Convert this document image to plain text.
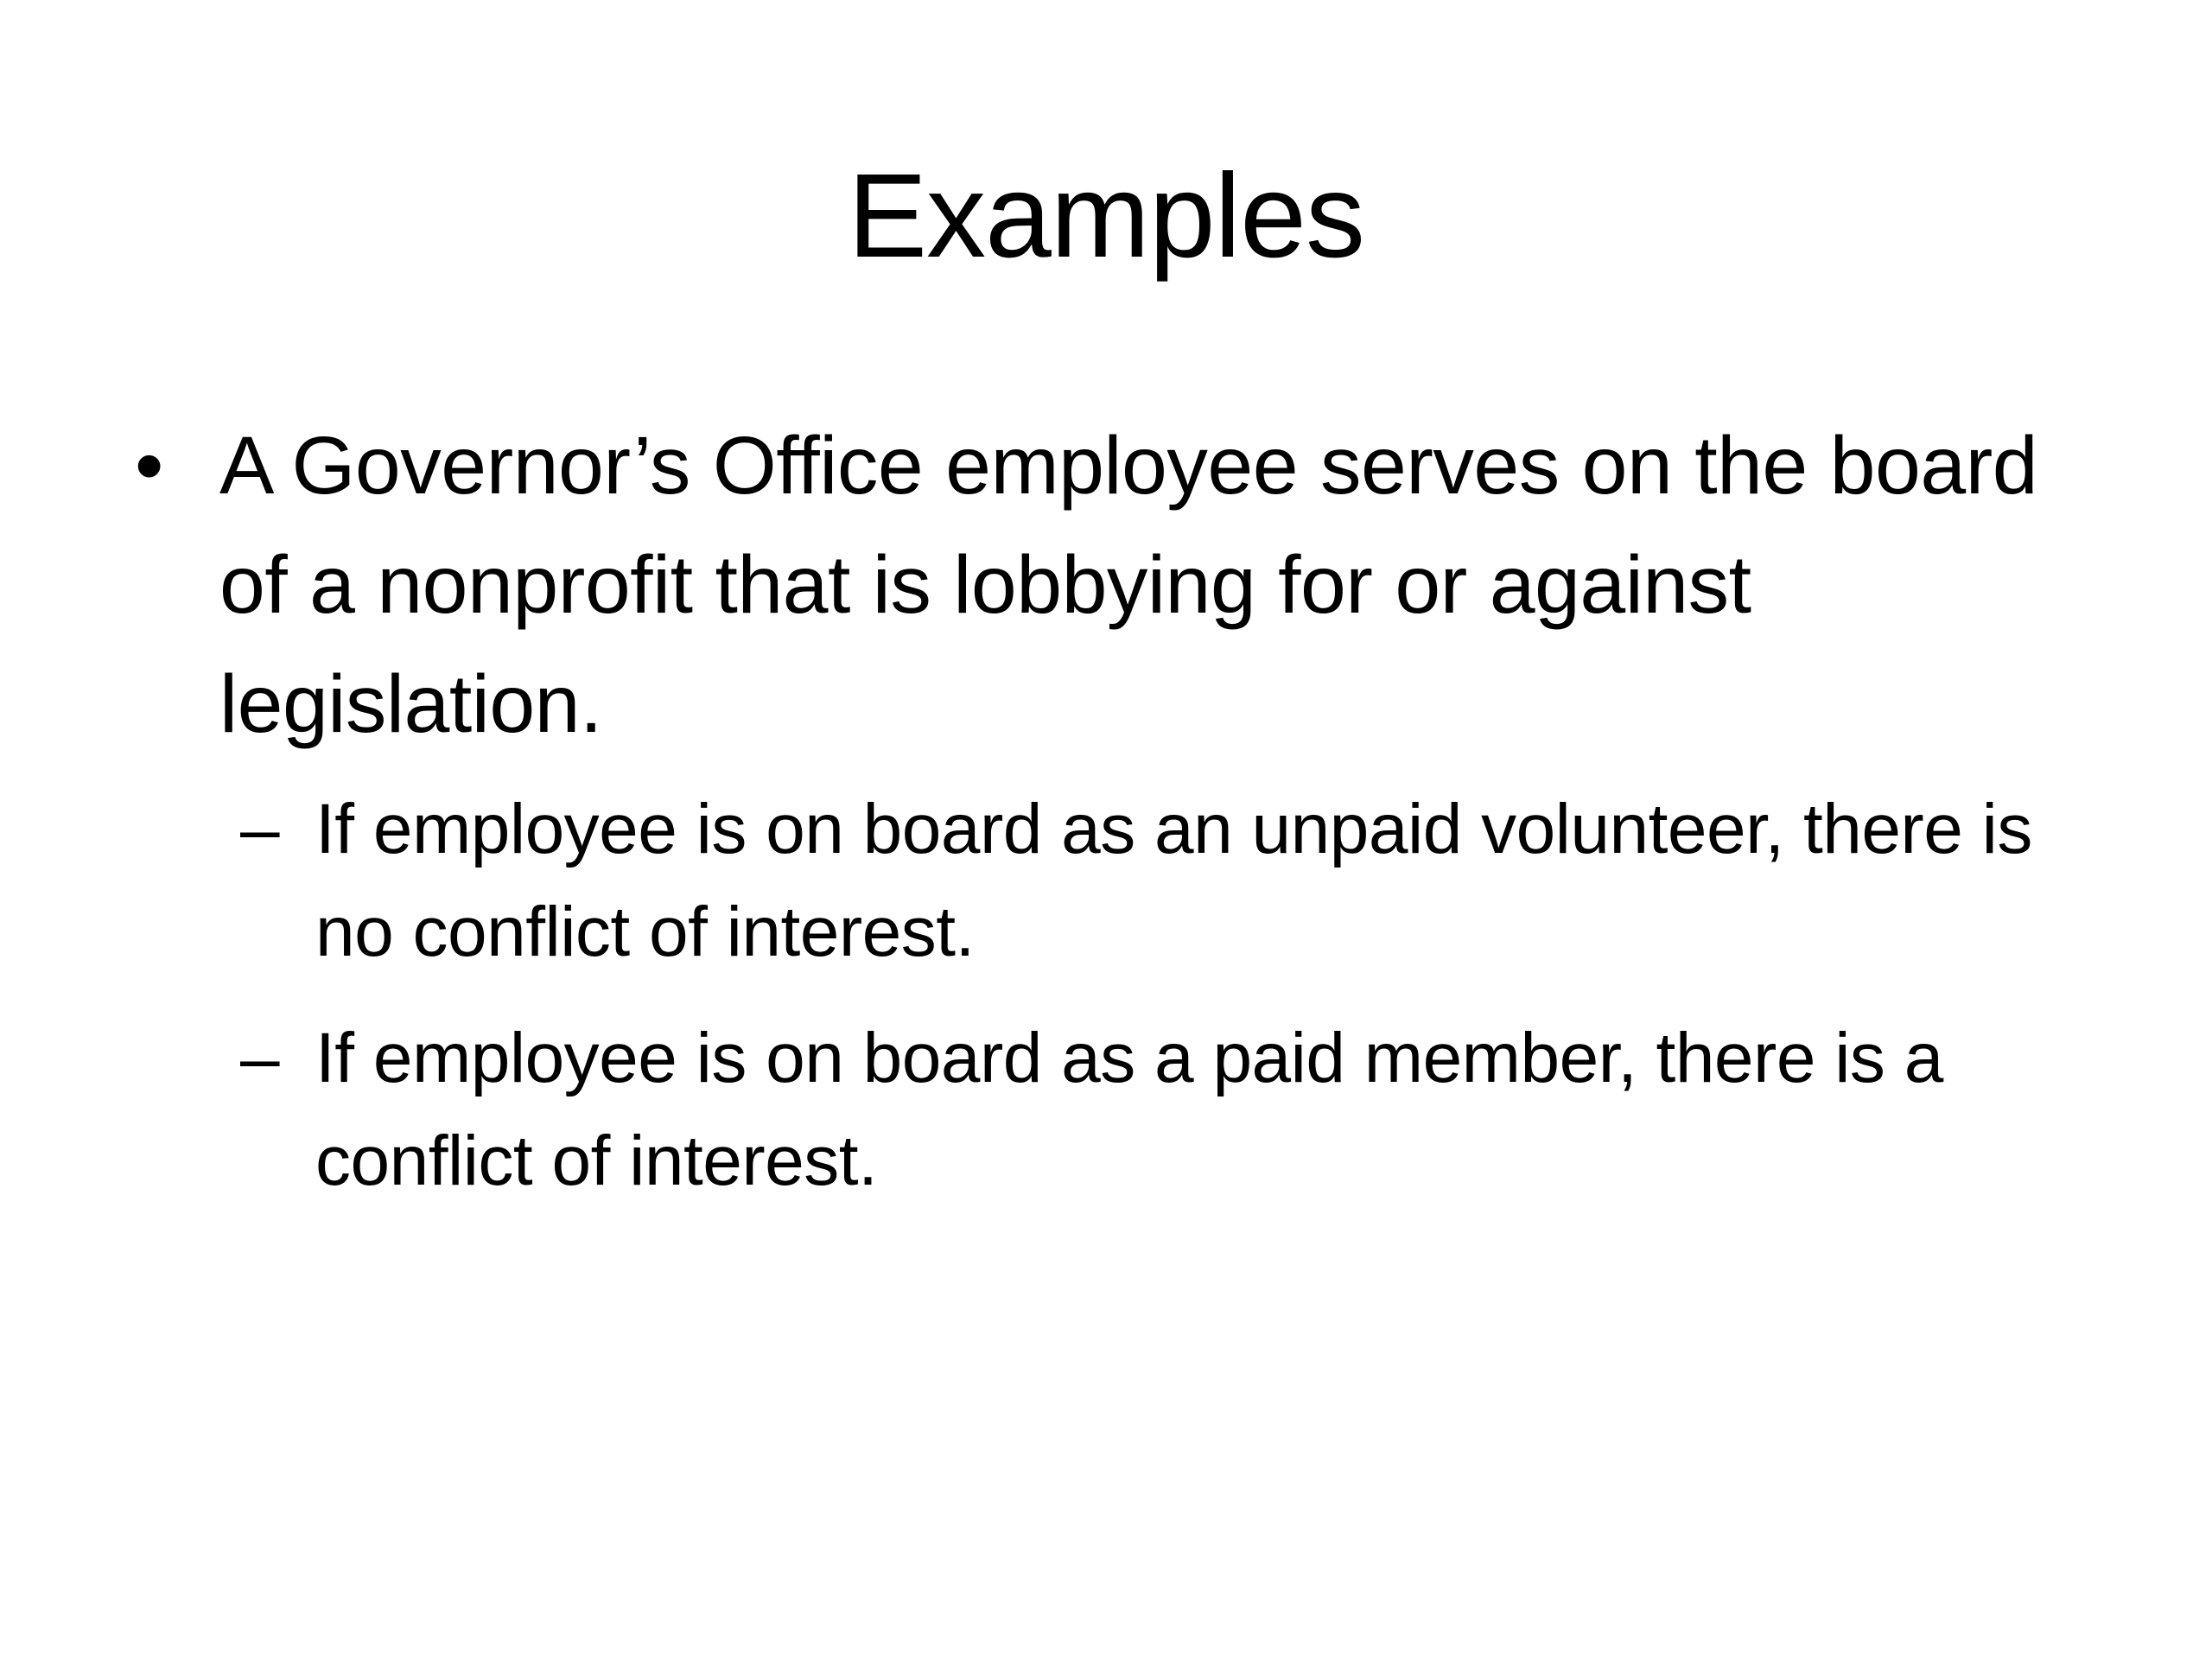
Examples
• A Governor’s Office employee serves on the board of a nonprofit that is lobbying for or against legislation.
– If employee is on board as an unpaid volunteer, there is no conflict of interest.
– If employee is on board as a paid member, there is a conflict of interest.
